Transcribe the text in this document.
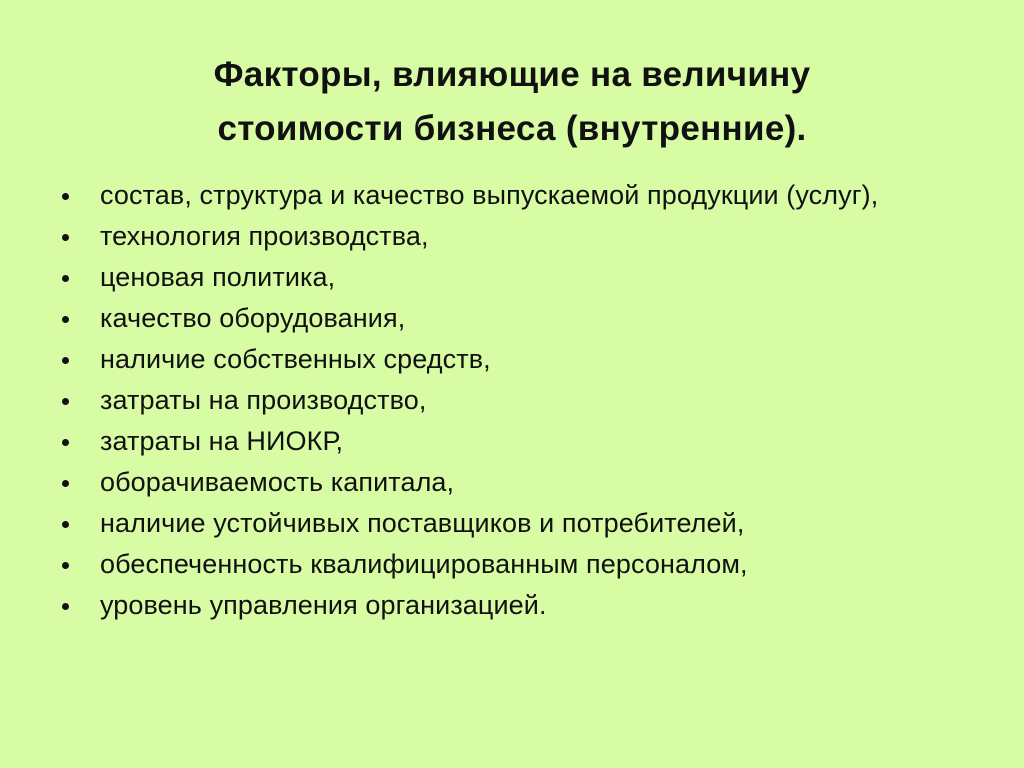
Факторы, влияющие на величину
стоимости бизнеса (внутренние).
состав, структура и качество выпускаемой продукции (услуг),
технология производства,
ценовая политика,
качество оборудования,
наличие собственных средств,
затраты на производство,
затраты на НИОКР,
оборачиваемость капитала,
наличие устойчивых поставщиков и потребителей,
обеспеченность квалифицированным персоналом,
уровень управления организацией.
